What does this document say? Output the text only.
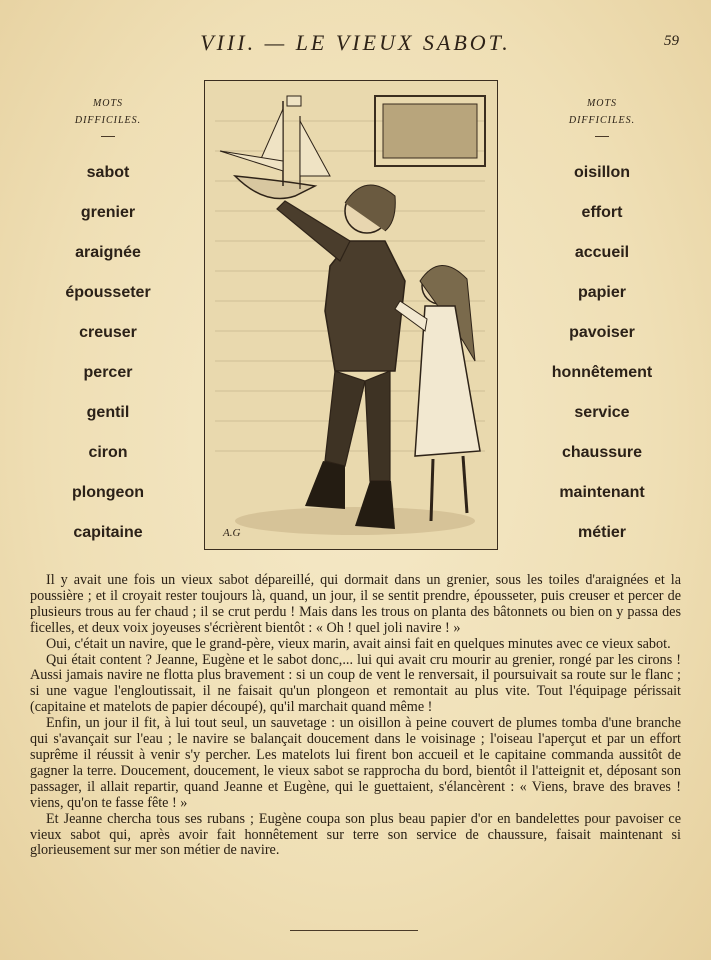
VIII. — LE VIEUX SABOT.	59
MOTS
DIFFICILES.
sabot
grenier
araignée
épousseter
creuser
percer
gentil
ciron
plongeon
capitaine	A.G
MOTS
DIFFICILES.
oisillon
effort
accueil
papier
pavoiser
honnêtement
service
chaussure
maintenant
métier

Il y avait une fois un vieux sabot dépareillé, qui dormait dans un grenier, sous les toiles d'araignées et la poussière ; et il croyait rester toujours là, quand, un jour, il se sentit prendre, épousseter, puis creuser et percer de plusieurs trous au fer chaud ; il se crut perdu ! Mais dans les trous on planta des bâtonnets ou bien on y passa des ficelles, et deux voix joyeuses s'écrièrent bientôt : « Oh ! quel joli navire ! »

Oui, c'était un navire, que le grand-père, vieux marin, avait ainsi fait en quelques minutes avec ce vieux sabot.

Qui était content ? Jeanne, Eugène et le sabot donc,... lui qui avait cru mourir au grenier, rongé par les cirons ! Aussi jamais navire ne flotta plus bravement : si un coup de vent le renversait, il poursuivait sa route sur le flanc ; si une vague l'engloutissait, il ne faisait qu'un plongeon et remontait au plus vite. Tout l'équipage périssait (capitaine et matelots de papier découpé), qu'il marchait quand même !

Enfin, un jour il fit, à lui tout seul, un sauvetage : un oisillon à peine couvert de plumes tomba d'une branche qui s'avançait sur l'eau ; le navire se balançait doucement dans le voisinage ; l'oiseau l'aperçut et par un effort suprême il réussit à venir s'y percher. Les matelots lui firent bon accueil et le capitaine commanda aussitôt de gagner la terre. Doucement, doucement, le vieux sabot se rapprocha du bord, bientôt il l'atteignit et, déposant son passager, il allait repartir, quand Jeanne et Eugène, qui le guettaient, s'élancèrent : « Viens, brave des braves ! viens, qu'on te fasse fête ! »

Et Jeanne chercha tous ses rubans ; Eugène coupa son plus beau papier d'or en bandelettes pour pavoiser ce vieux sabot qui, après avoir fait honnêtement sur terre son service de chaussure, faisait maintenant si glorieusement sur mer son métier de navire.
